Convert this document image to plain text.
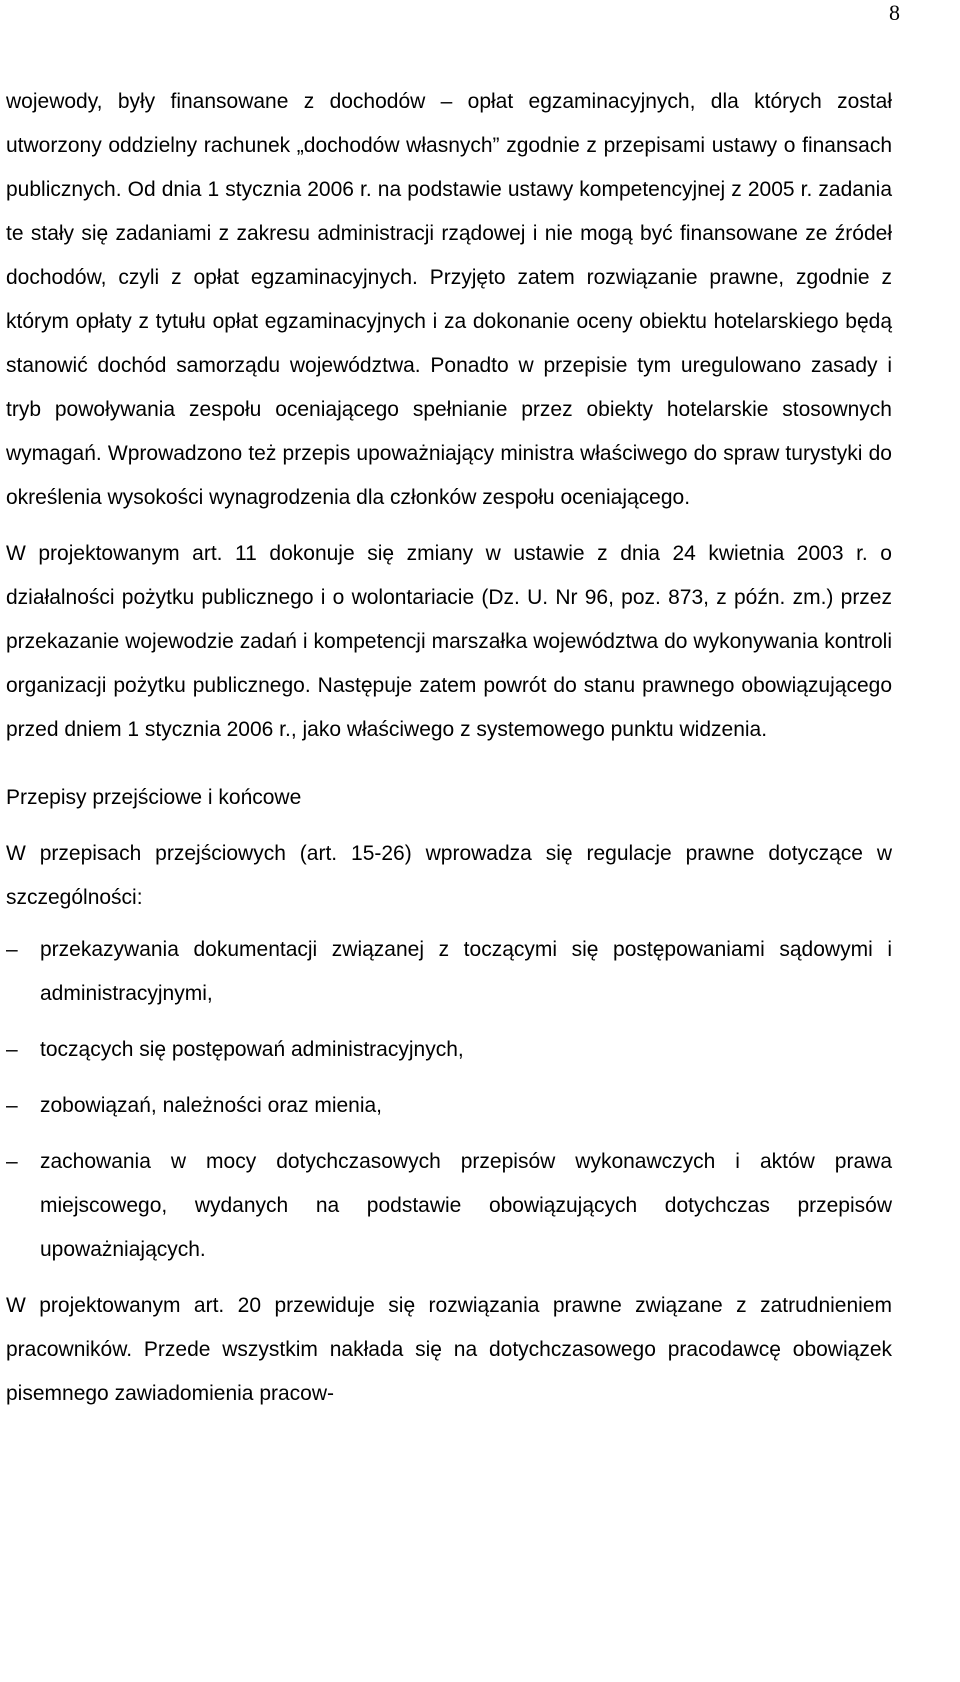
8

wojewody, były finansowane z dochodów – opłat egzaminacyjnych, dla których został utworzony oddzielny rachunek „dochodów własnych” zgodnie z przepisami ustawy o finansach publicznych. Od dnia 1 stycznia 2006 r. na podstawie ustawy kompetencyjnej z 2005 r. zadania te stały się zadaniami z zakresu administracji rządowej i nie mogą być finansowane ze źródeł dochodów, czyli z opłat egzaminacyjnych. Przyjęto zatem rozwiązanie prawne, zgodnie z którym opłaty z tytułu opłat egzaminacyjnych i za dokonanie oceny obiektu hotelarskiego będą stanowić dochód samorządu województwa. Ponadto w przepisie tym uregulowano zasady i tryb powoływania zespołu oceniającego spełnianie przez obiekty hotelarskie stosownych wymagań. Wprowadzono też przepis upoważniający ministra właściwego do spraw turystyki do określenia wysokości wynagrodzenia dla członków zespołu oceniającego.

W projektowanym art. 11 dokonuje się zmiany w ustawie z dnia 24 kwietnia 2003 r. o działalności pożytku publicznego i o wolontariacie (Dz. U. Nr 96, poz. 873, z późn. zm.) przez przekazanie wojewodzie zadań i kompetencji marszałka województwa do wykonywania kontroli organizacji pożytku publicznego. Następuje zatem powrót do stanu prawnego obowiązującego przed dniem 1 stycznia 2006 r., jako właściwego z systemowego punktu widzenia.

Przepisy przejściowe i końcowe

W przepisach przejściowych (art. 15-26) wprowadza się regulacje prawne dotyczące w szczególności:

– przekazywania dokumentacji związanej z toczącymi się postępowaniami sądowymi i administracyjnymi,
– toczących się postępowań administracyjnych,
– zobowiązań, należności oraz mienia,
– zachowania w mocy dotychczasowych przepisów wykonawczych i aktów prawa miejscowego, wydanych na podstawie obowiązujących dotychczas przepisów upoważniających.

W projektowanym art. 20 przewiduje się rozwiązania prawne związane z zatrudnieniem pracowników. Przede wszystkim nakłada się na dotychczasowego pracodawcę obowiązek pisemnego zawiadomienia pracow-
